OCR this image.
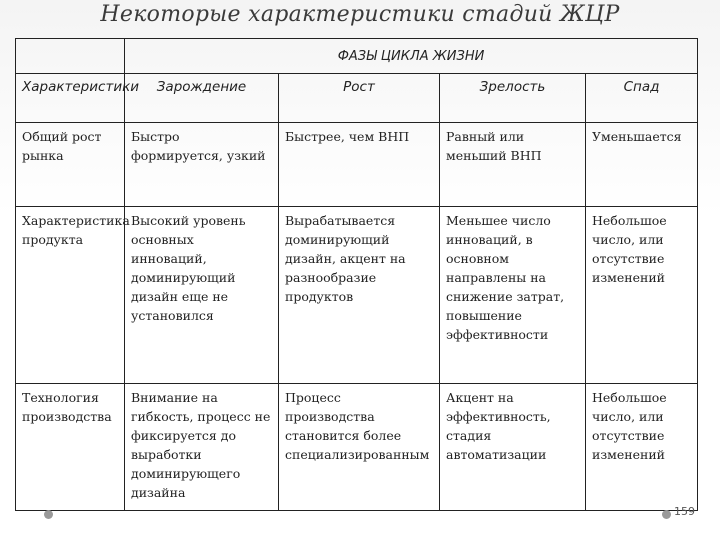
Некоторые характеристики стадий ЖЦР
	ФАЗЫ ЦИКЛА ЖИЗНИ			
Характеристики	Зарождение	Рост	Зрелость	Спад
Общий рост рынка	Быстро формируется, узкий	Быстрее, чем ВНП	Равный или меньший ВНП	Уменьшается
Характеристика продукта	Высокий уровень основных инноваций, доминирующий дизайн еще не установился	Вырабатывается доминирующий дизайн, акцент на разнообразие продуктов	Меньшее число инноваций, в основном направлены на снижение затрат, повышение эффективности	Небольшое число, или отсутствие изменений
Технология производства	Внимание на гибкость, процесс не фиксируется до выработки доминирующего дизайна	Процесс производства становится более специализированным	Акцент на эффективность, стадия автоматизации	Небольшое число, или отсутствие изменений
159
